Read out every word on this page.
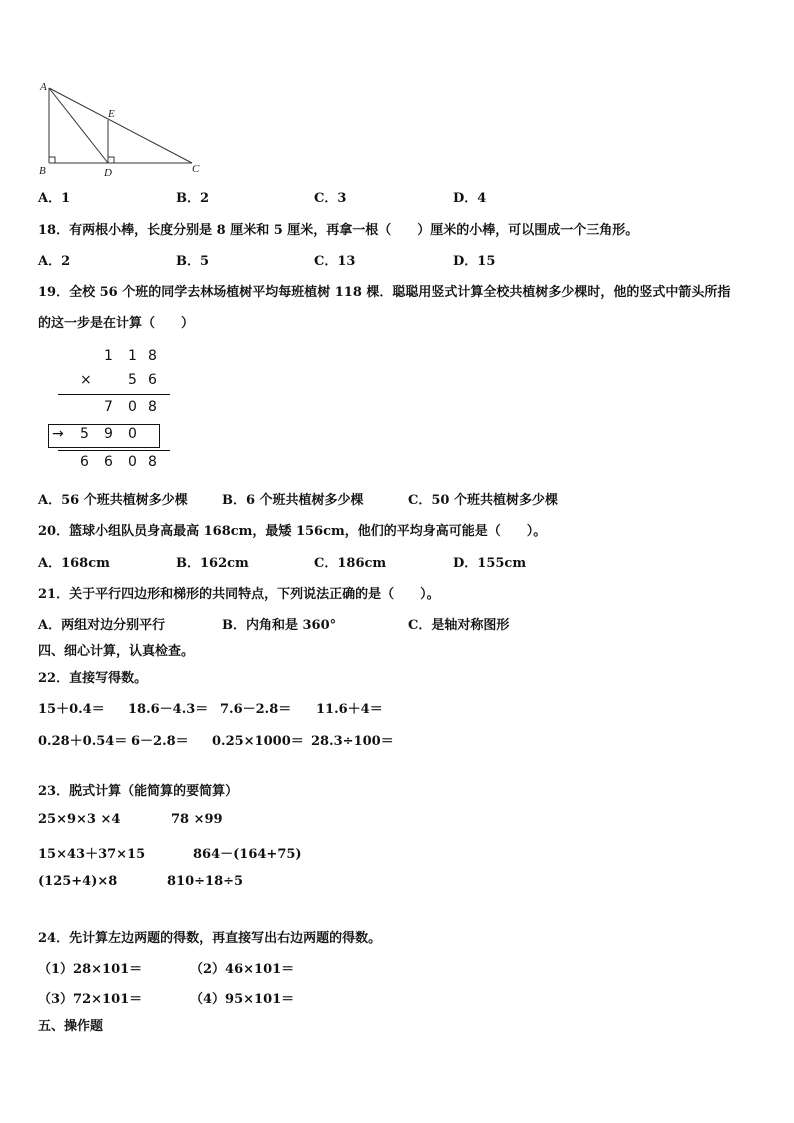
A
B	D
E
C
A．1	B．2	C．3	D．4
18．有两根小棒，长度分别是 8 厘米和 5 厘米，再拿一根（　　）厘米的小棒，可以围成一个三角形。
A．2	B．5	C．13	D．15
19．全校 56 个班的同学去林场植树平均每班植树 118 棵．聪聪用竖式计算全校共植树多少棵时，他的竖式中箭头所指
的这一步是在计算（　　）
1 1 8
×	5 6
7 0 8
→ 5 9 0
6 6 0 8
A．56 个班共植树多少棵	B．6 个班共植树多少棵	C．50 个班共植树多少棵
20．篮球小组队员身高最高 168cm，最矮 156cm，他们的平均身高可能是（　　）。
A．168cm	B．162cm	C．186cm	D．155cm
21．关于平行四边形和梯形的共同特点，下列说法正确的是（　　）。
A．两组对边分别平行	B．内角和是 360°	C．是轴对称图形
四、细心计算，认真检查。
22．直接写得数。
15＋0.4＝ 18.6－4.3＝ 7.6－2.8＝ 11.6＋4＝
0.28＋0.54＝ 6－2.8＝ 0.25×1000＝ 28.3÷100＝
23．脱式计算（能简算的要简算）
25×9×3 ×4	78 ×99
15×43＋37×15	864－(164+75)
(125+4)×8	810÷18÷5
24．先计算左边两题的得数，再直接写出右边两题的得数。
（1）28×101＝	（2）46×101＝
（3）72×101＝	（4）95×101＝
五、操作题
